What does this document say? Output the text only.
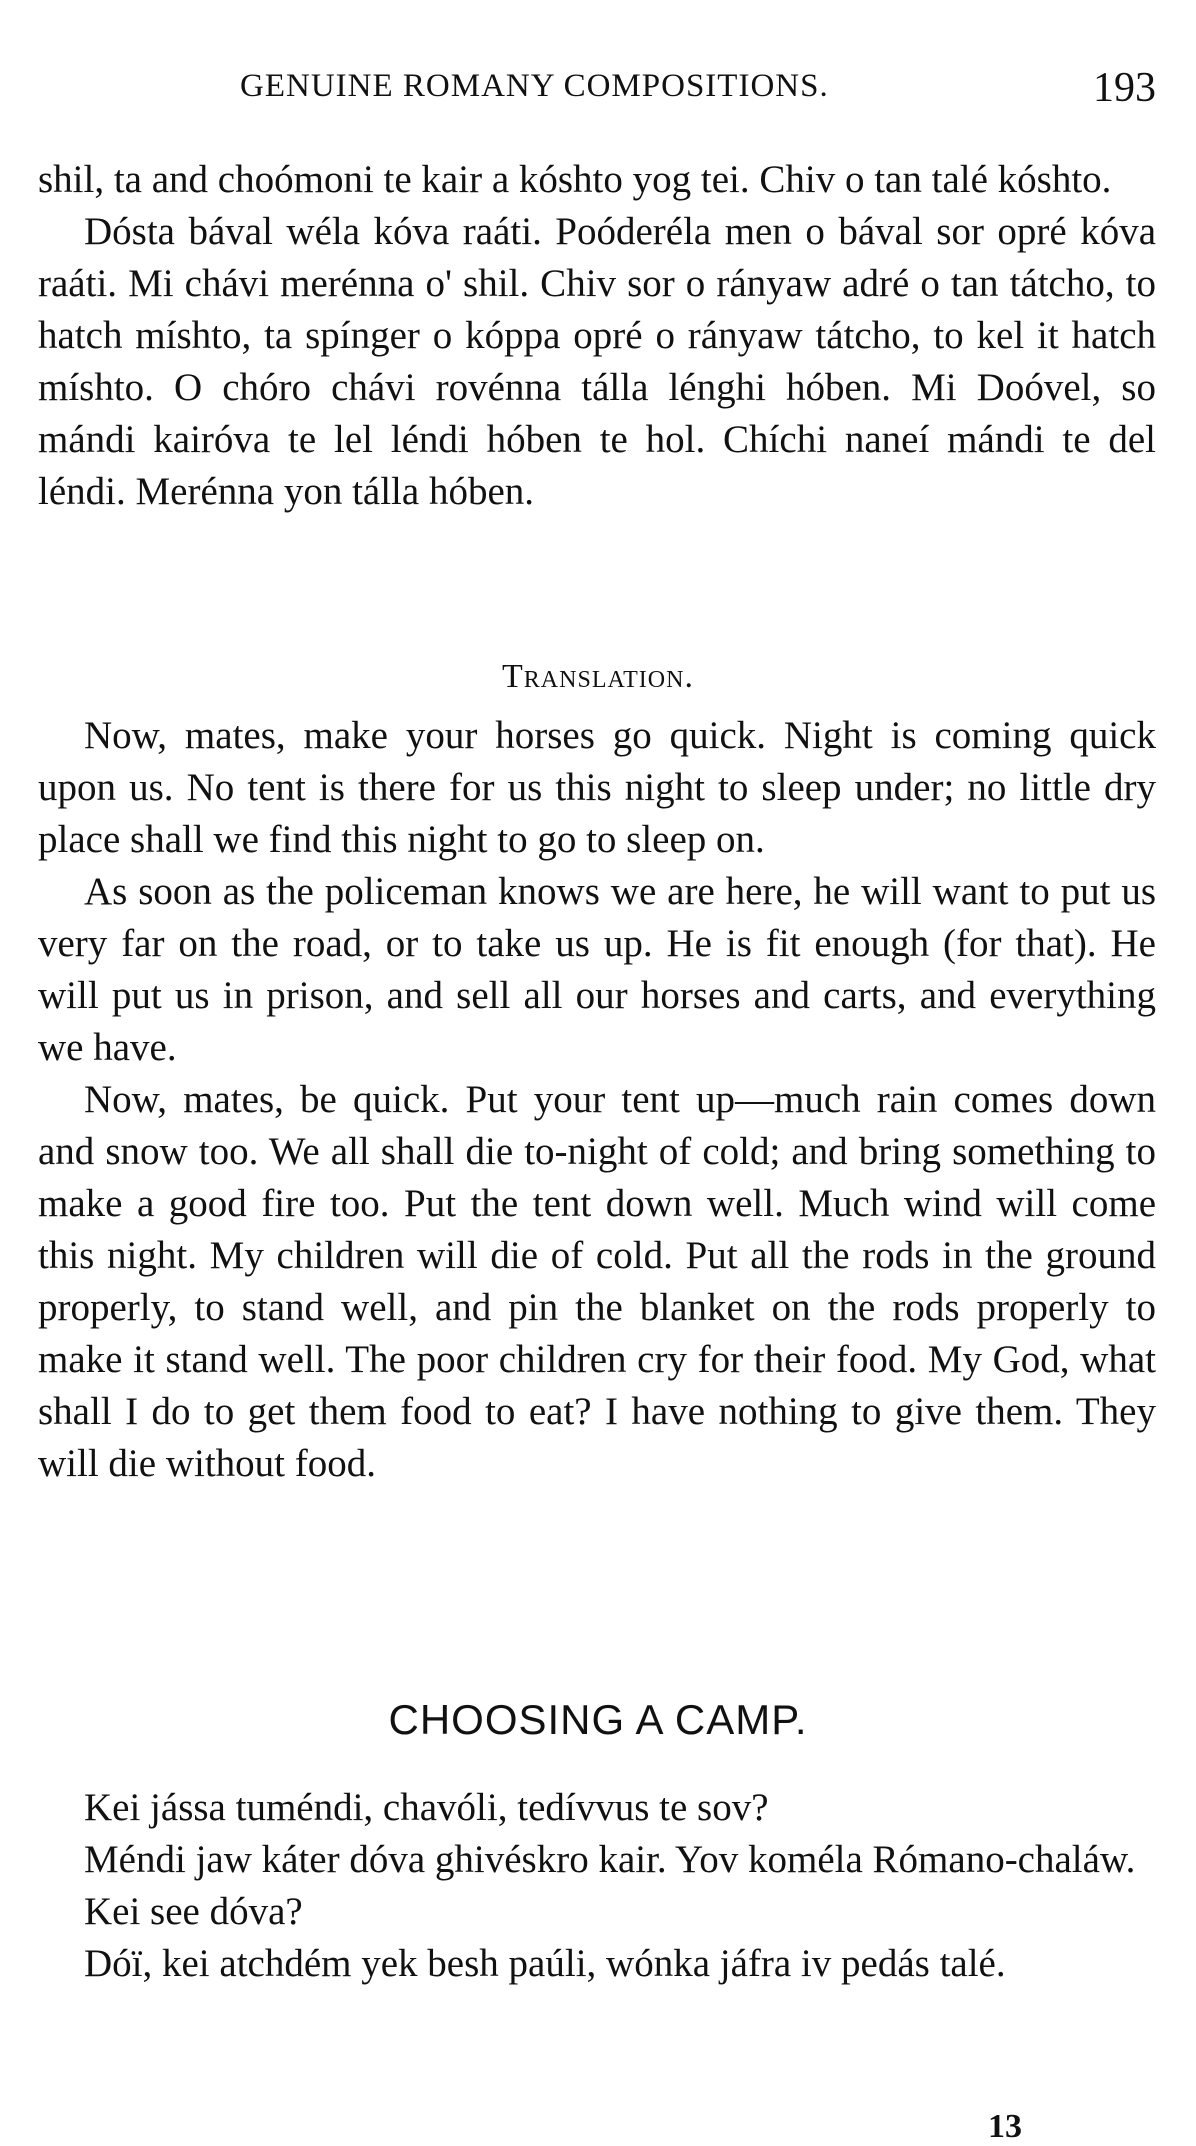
GENUINE ROMANY COMPOSITIONS.	193

shil, ta and choómoni te kair a kóshto yog tei. Chiv o tan talé kóshto.

Dósta bával wéla kóva raáti. Poóderéla men o bával sor opré kóva raáti. Mi chávi merénna o' shil. Chiv sor o rányaw adré o tan tátcho, to hatch míshto, ta spínger o kóppa opré o rányaw tátcho, to kel it hatch míshto. O chóro chávi rovénna tálla lénghi hóben. Mi Doóvel, so mándi kairóva te lel léndi hóben te hol. Chíchi naneí mándi te del léndi. Merénna yon tálla hóben.

Translation.

Now, mates, make your horses go quick. Night is coming quick upon us. No tent is there for us this night to sleep under; no little dry place shall we find this night to go to sleep on.

As soon as the policeman knows we are here, he will want to put us very far on the road, or to take us up. He is fit enough (for that). He will put us in prison, and sell all our horses and carts, and everything we have.

Now, mates, be quick. Put your tent up—much rain comes down and snow too. We all shall die to-night of cold; and bring something to make a good fire too. Put the tent down well. Much wind will come this night. My children will die of cold. Put all the rods in the ground properly, to stand well, and pin the blanket on the rods properly to make it stand well. The poor children cry for their food. My God, what shall I do to get them food to eat? I have nothing to give them. They will die without food.

CHOOSING A CAMP.

Kei jássa tuméndi, chavóli, tedívvus te sov?

Méndi jaw káter dóva ghivéskro kair. Yov koméla Rómano-chaláw.

Kei see dóva?

Dóï, kei atchdém yek besh paúli, wónka jáfra iv pedás talé.

13
